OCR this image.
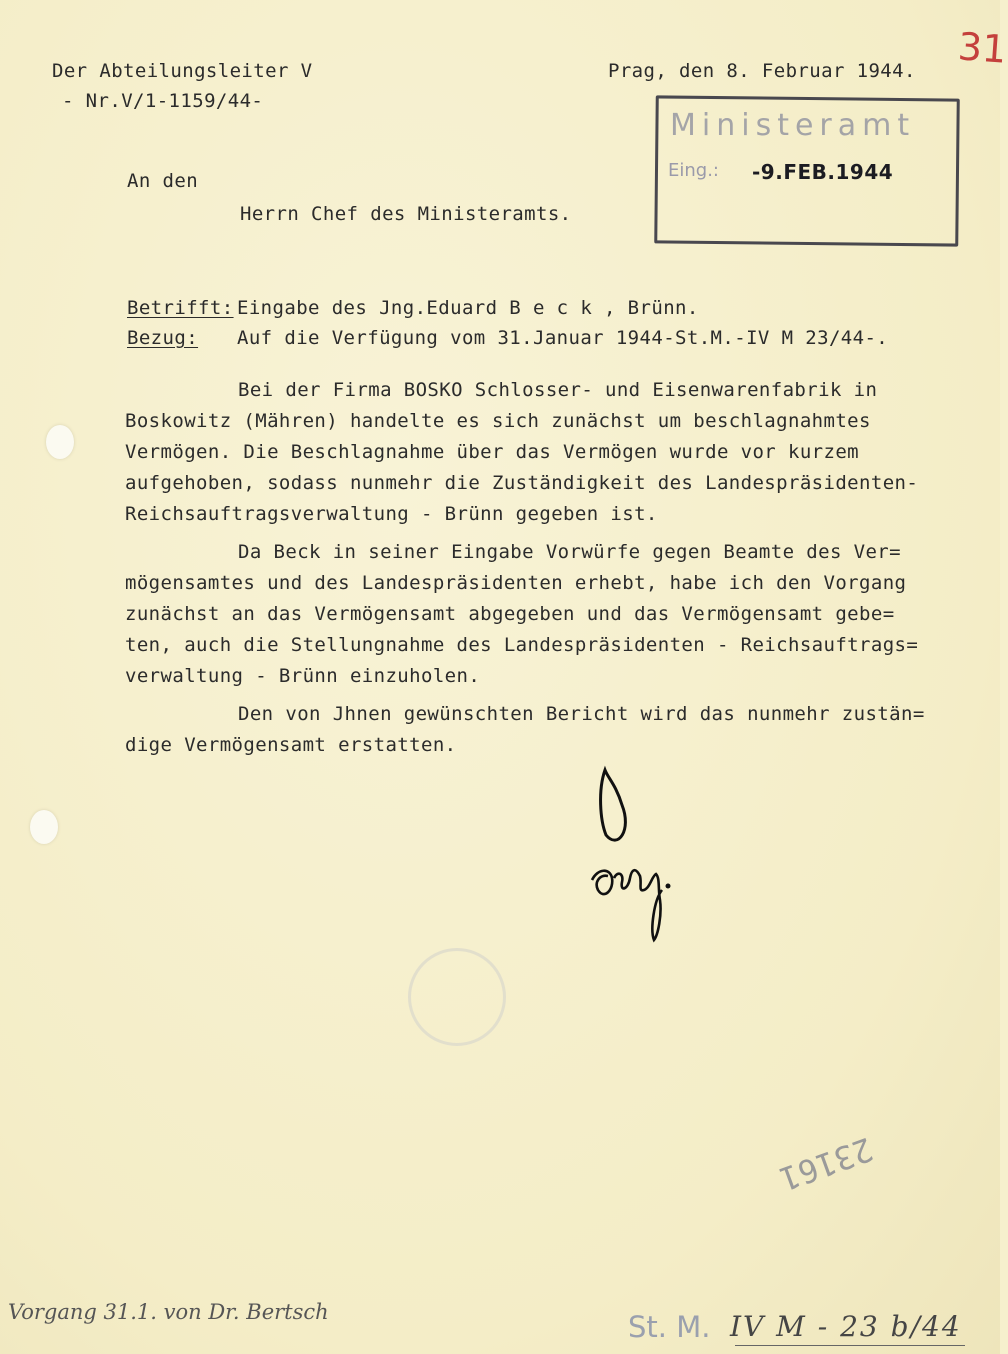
31
Der Abteilungsleiter V
- Nr.V/1-1159/44-
Prag, den 8. Februar 1944.
Ministeramt
Eing.: -9.FEB.1944
An den
Herrn Chef des Ministeramts.
Betrifft: Eingabe des Jng.Eduard B e c k , Brünn.
Bezug: Auf die Verfügung vom 31.Januar 1944-St.M.-IV M 23/44-.
Bei der Firma BOSKO Schlosser- und Eisenwarenfabrik in
Boskowitz (Mähren) handelte es sich zunächst um beschlagnahmtes
Vermögen. Die Beschlagnahme über das Vermögen wurde vor kurzem
aufgehoben, sodass nunmehr die Zuständigkeit des Landespräsidenten-
Reichsauftragsverwaltung - Brünn gegeben ist.
Da Beck in seiner Eingabe Vorwürfe gegen Beamte des Ver=
mögensamtes und des Landespräsidenten erhebt, habe ich den Vorgang
zunächst an das Vermögensamt abgegeben und das Vermögensamt gebe=
ten, auch die Stellungnahme des Landespräsidenten - Reichsauftrags=
verwaltung - Brünn einzuholen.
Den von Jhnen gewünschten Bericht wird das nunmehr zustän=
dige Vermögensamt erstatten.
23161
Vorgang 31.1. von Dr. Bertsch	St. M. IV M - 23 b/44
